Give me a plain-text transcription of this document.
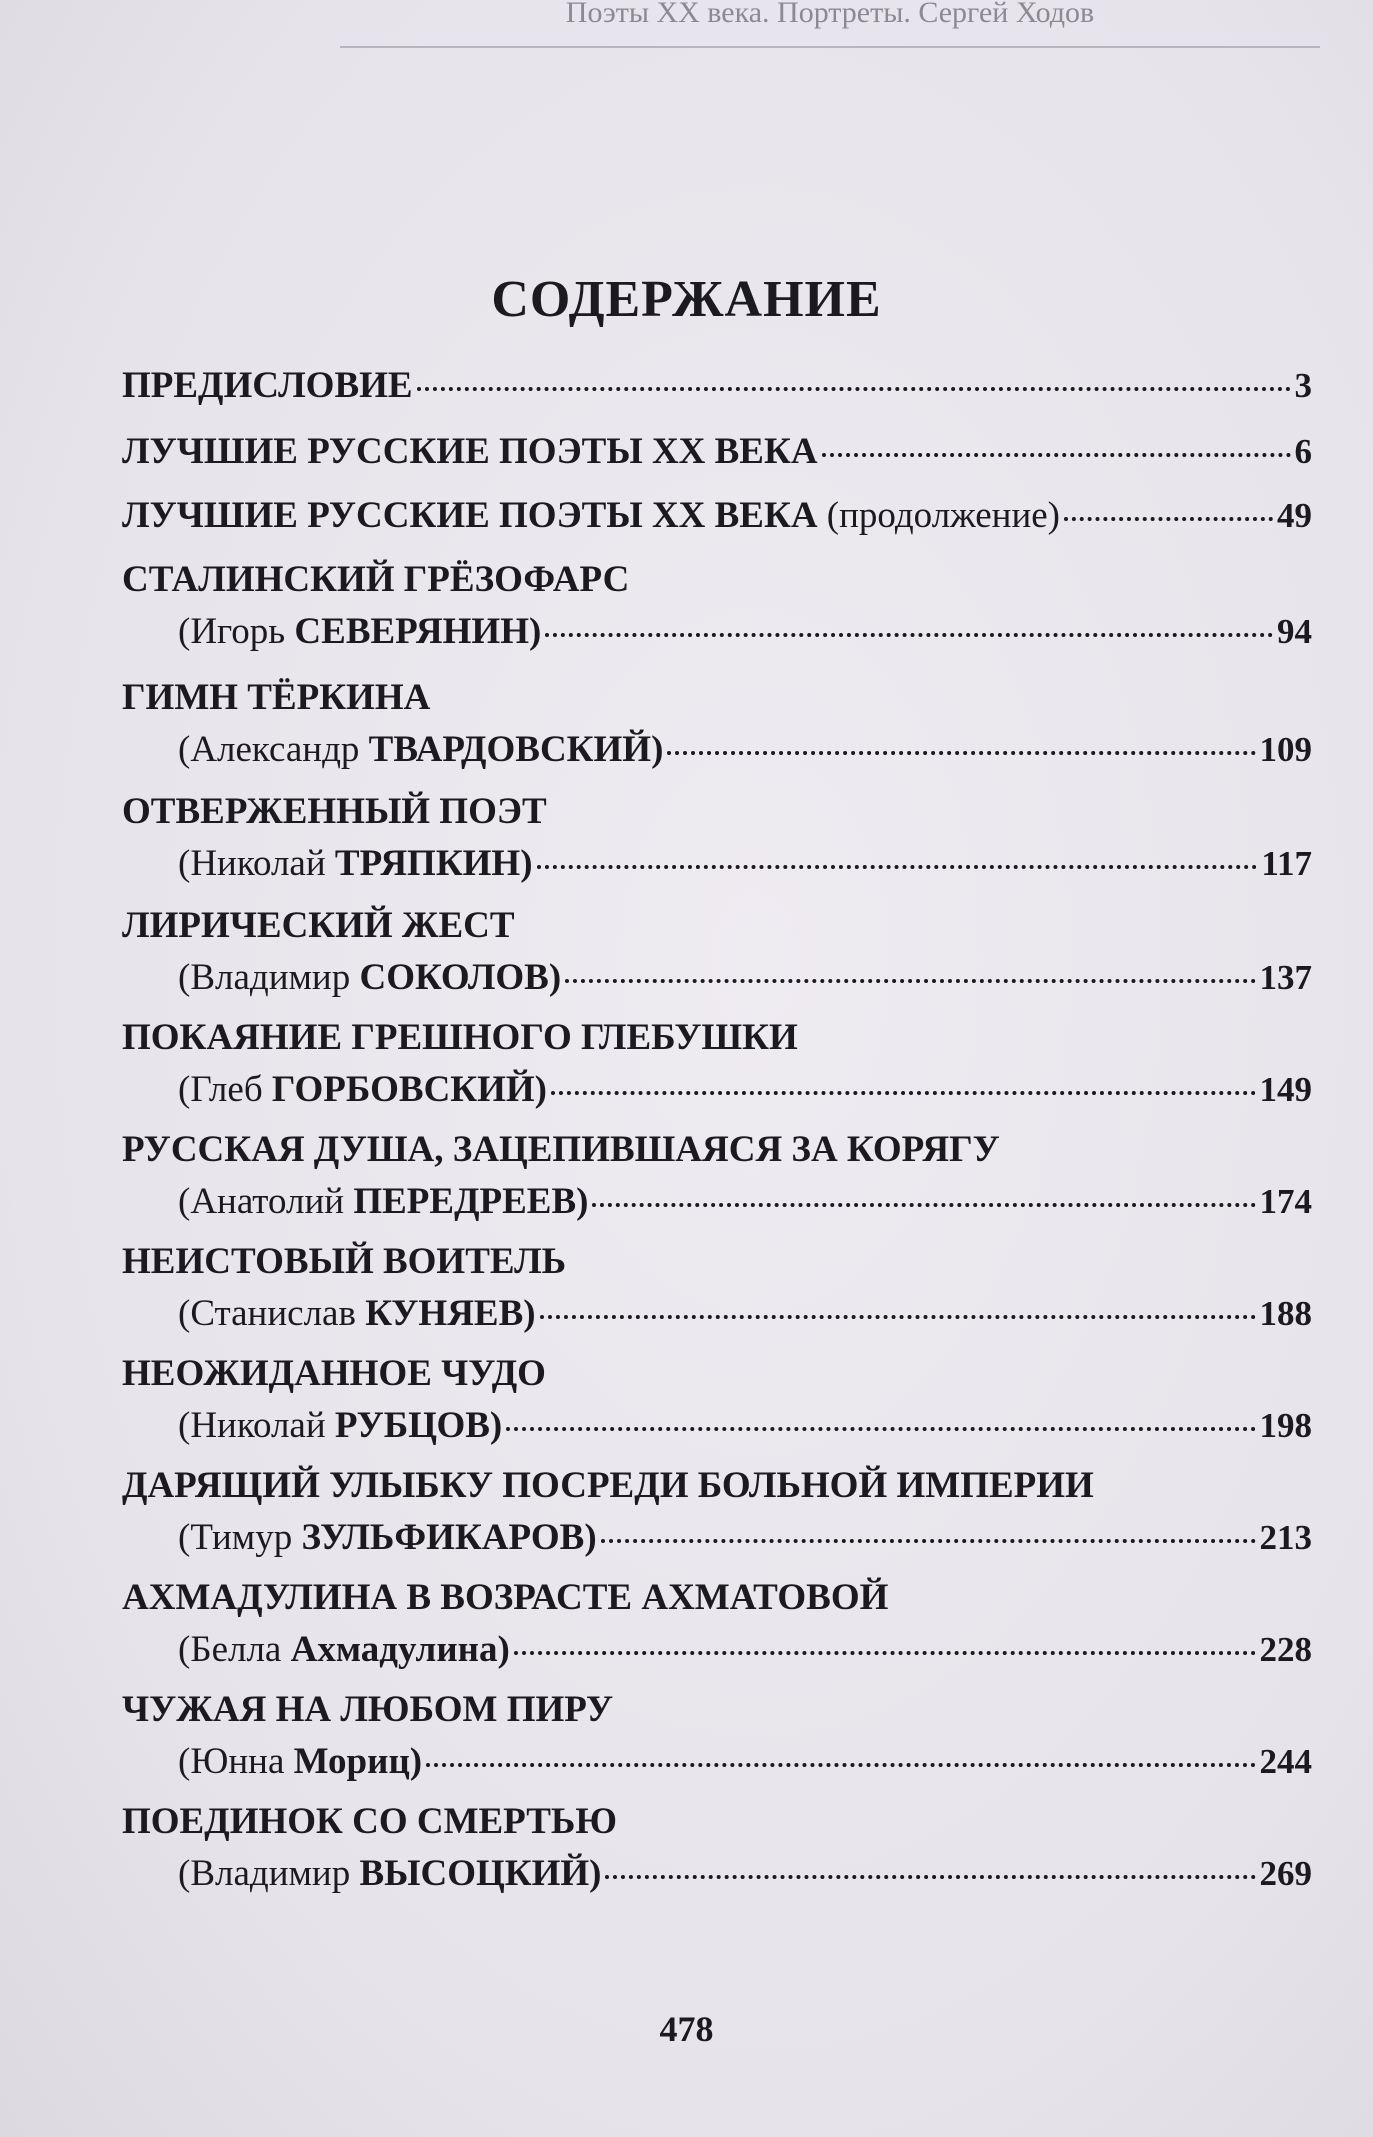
Поэты XX века. Портреты. Сергей Ходов
СОДЕРЖАНИЕ
ПРЕДИСЛОВИЕ	3
ЛУЧШИЕ РУССКИЕ ПОЭТЫ XX ВЕКА	6
ЛУЧШИЕ РУССКИЕ ПОЭТЫ XX ВЕКА (продолжение)	49
СТАЛИНСКИЙ ГРЁЗОФАРС
(Игорь СЕВЕРЯНИН)	94
ГИМН ТЁРКИНА
(Александр ТВАРДОВСКИЙ)	109
ОТВЕРЖЕННЫЙ ПОЭТ
(Николай ТРЯПКИН)	117
ЛИРИЧЕСКИЙ ЖЕСТ
(Владимир СОКОЛОВ)	137
ПОКАЯНИЕ ГРЕШНОГО ГЛЕБУШКИ
(Глеб ГОРБОВСКИЙ)	149
РУССКАЯ ДУША, ЗАЦЕПИВШАЯСЯ ЗА КОРЯГУ
(Анатолий ПЕРЕДРЕЕВ)	174
НЕИСТОВЫЙ ВОИТЕЛЬ
(Станислав КУНЯЕВ)	188
НЕОЖИДАННОЕ ЧУДО
(Николай РУБЦОВ)	198
ДАРЯЩИЙ УЛЫБКУ ПОСРЕДИ БОЛЬНОЙ ИМПЕРИИ
(Тимур ЗУЛЬФИКАРОВ)	213
АХМАДУЛИНА В ВОЗРАСТЕ АХМАТОВОЙ
(Белла Ахмадулина)	228
ЧУЖАЯ НА ЛЮБОМ ПИРУ
(Юнна Мориц)	244
ПОЕДИНОК СО СМЕРТЬЮ
(Владимир ВЫСОЦКИЙ)	269
478
